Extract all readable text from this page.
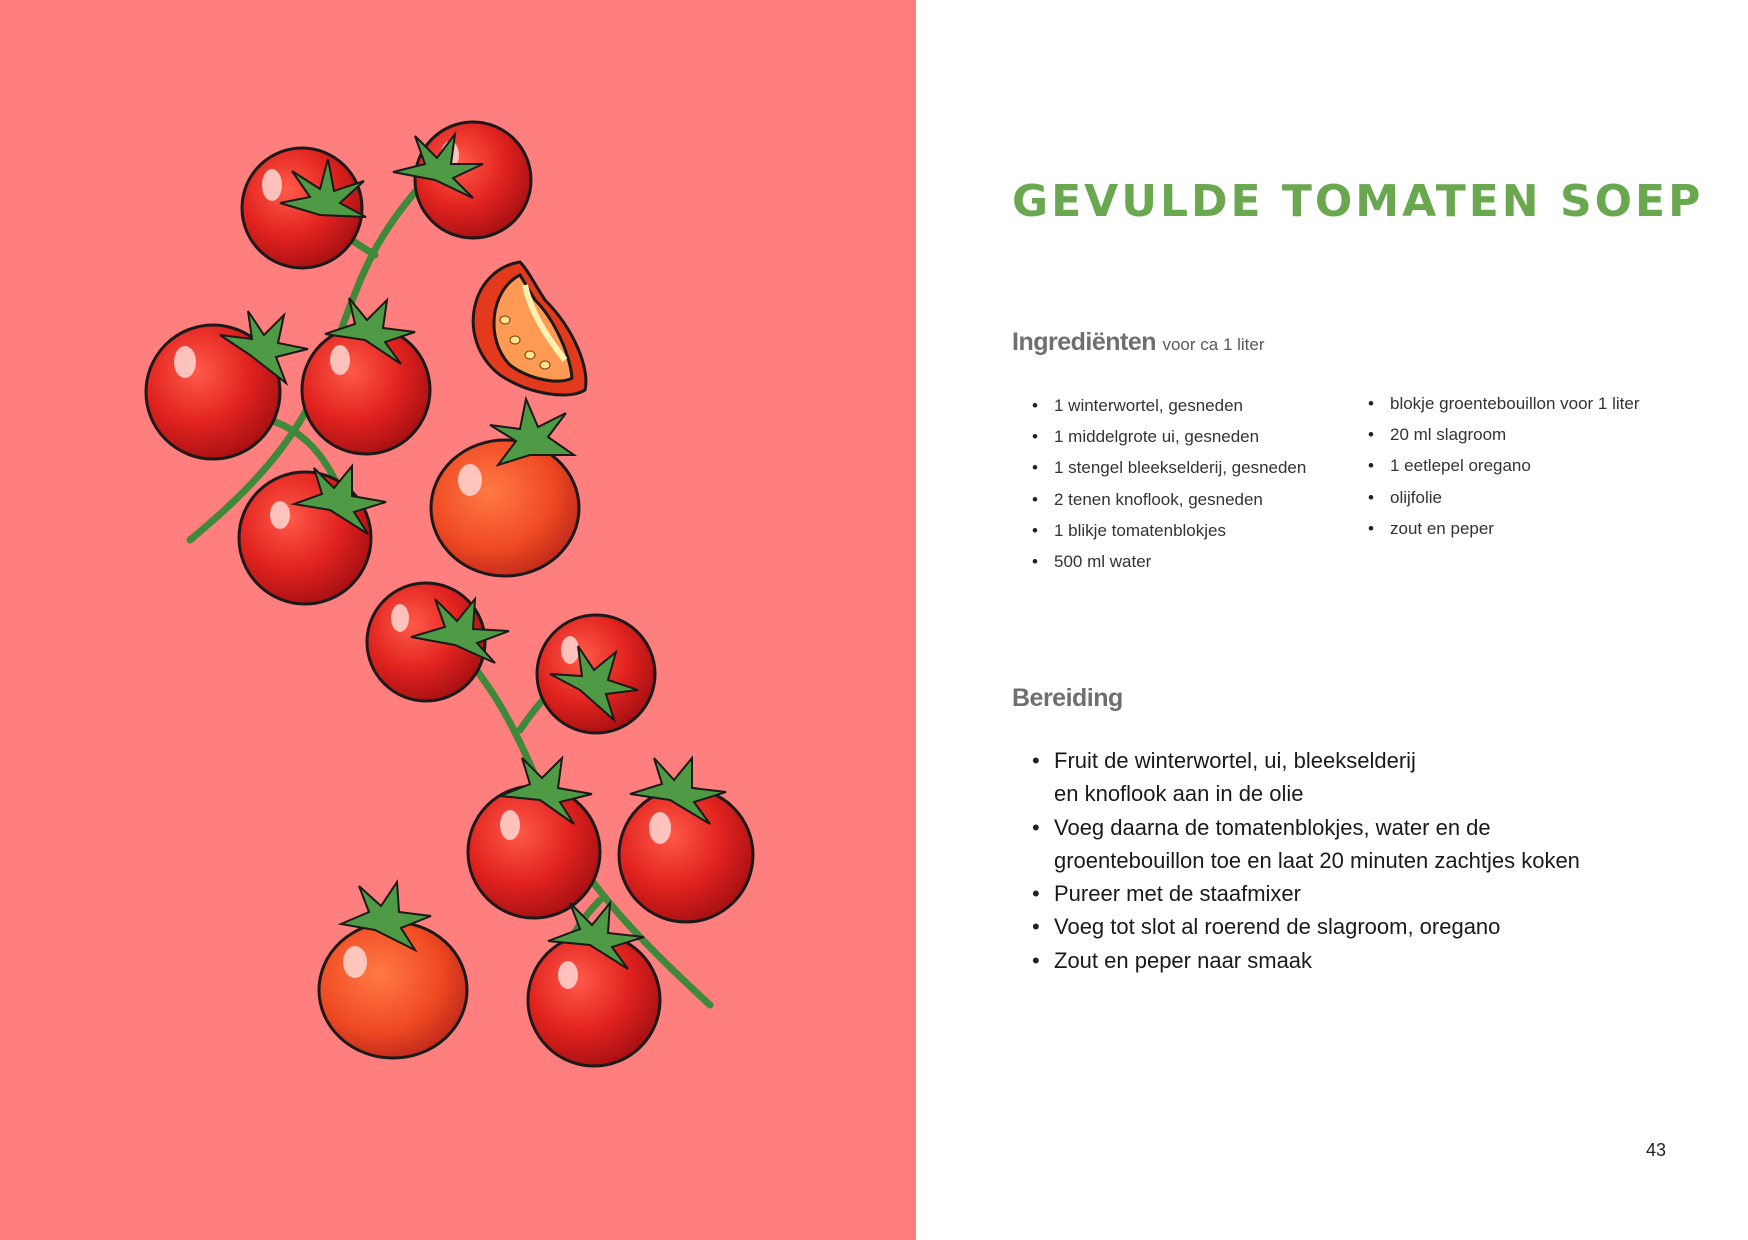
GEVULDE TOMATEN SOEP
Ingrediënten voor ca 1 liter
• 1 winterwortel, gesneden
• 1 middelgrote ui, gesneden
• 1 stengel bleekselderij, gesneden
• 2 tenen knoflook, gesneden
• 1 blikje tomatenblokjes
• 500 ml water
• blokje groentebouillon voor 1 liter
• 20 ml slagroom
• 1 eetlepel oregano
• olijfolie
• zout en peper
Bereiding
• Fruit de winterwortel, ui, bleekselderij
en knoflook aan in de olie
• Voeg daarna de tomatenblokjes, water en de
groentebouillon toe en laat 20 minuten zachtjes koken
• Pureer met de staafmixer
• Voeg tot slot al roerend de slagroom, oregano
• Zout en peper naar smaak
43
